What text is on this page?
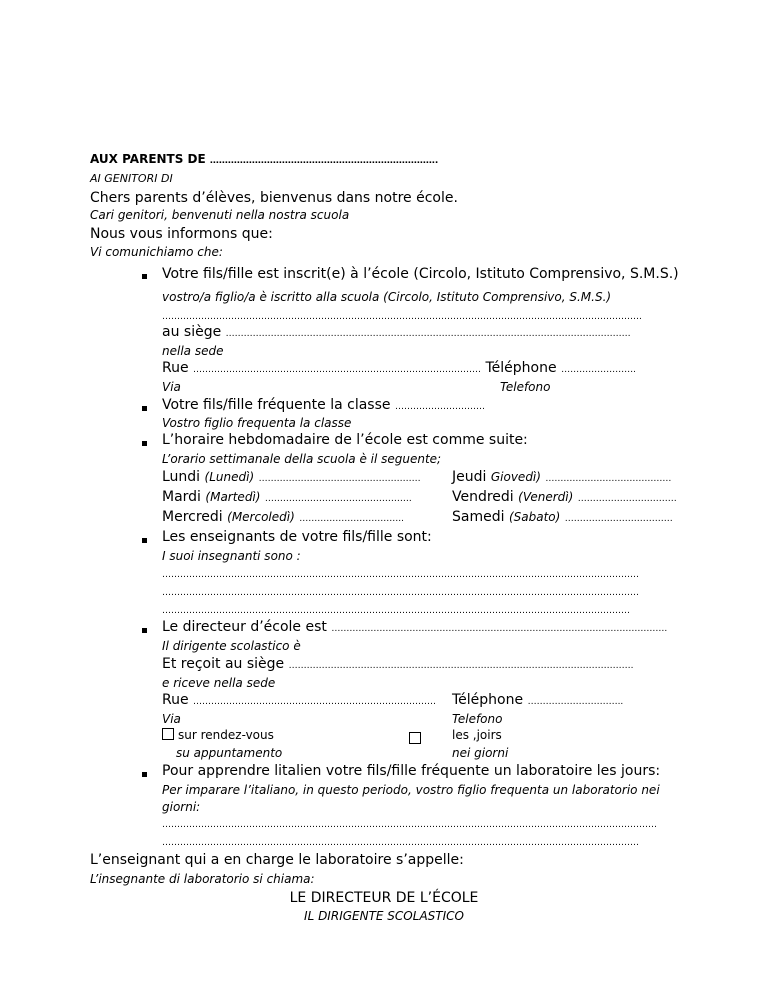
AUX PARENTS DE ………………………………………………………………….
AI GENITORI DI
Chers parents d’élèves, bienvenus dans notre école.
Cari genitori, benvenuti nella nostra scuola
Nous vous informons que:
Vi comunichiamo che:
Votre fils/fille est inscrit(e) à l’école (Circolo, Istituto Comprensivo, S.M.S.)
vostro/a figlio/a è iscritto alla scuola (Circolo, Istituto Comprensivo, S.M.S.)
…………………………………………………………………………………………………………………………………………….
au siège ………………………………………………………………………………………………………………………
nella sede
Rue …………………………………………………………………………………… Téléphone …………………….
Via	Telefono
Votre fils/fille fréquente la classe …………………………
Vostro figlio frequenta la classe
L’horaire hebdomadaire de l’école est comme suite:
L’orario settimanale della scuola è il seguente;
Lundi (Lunedì) ……………………………………………… Jeudi Giovedì) ……………………………………
Mardi (Martedì) ………………………………………….	Vendredi (Venerdì) ……………………………
Mercredi (Mercoledì) ……………………………..	Samedi (Sabato) ………………………………
Les enseignants de votre fils/fille sont:
I suoi insegnanti sono :
……………………………………………………………………………………………………………………………………………
……………………………………………………………………………………………………………………………………………
…………………………………………………………………………………………………………………………………………
Le directeur d’école est ………………………………………………………………………………………………….
Il dirigente scolastico è
Et reçoit au siège …………………………………………………………………………………………………….
e riceve nella sede
Rue ……………………………………………………………………… Téléphone …………………………..
Via	Telefono
sur rendez-vous	les ,joirs
su appuntamento	nei giorni
Pour apprendre litalien votre fils/fille fréquente un laboratoire les jours:
Per imparare l’italiano, in questo periodo, vostro figlio frequenta un laboratorio nei
giorni:
…………………………………………………………………………………………………………………………………………………
……………………………………………………………………………………………………………………………………………
L’enseignant qui a en charge le laboratoire s’appelle:
L’insegnante di laboratorio si chiama:
LE DIRECTEUR DE L’ÉCOLE
IL DIRIGENTE SCOLASTICO
